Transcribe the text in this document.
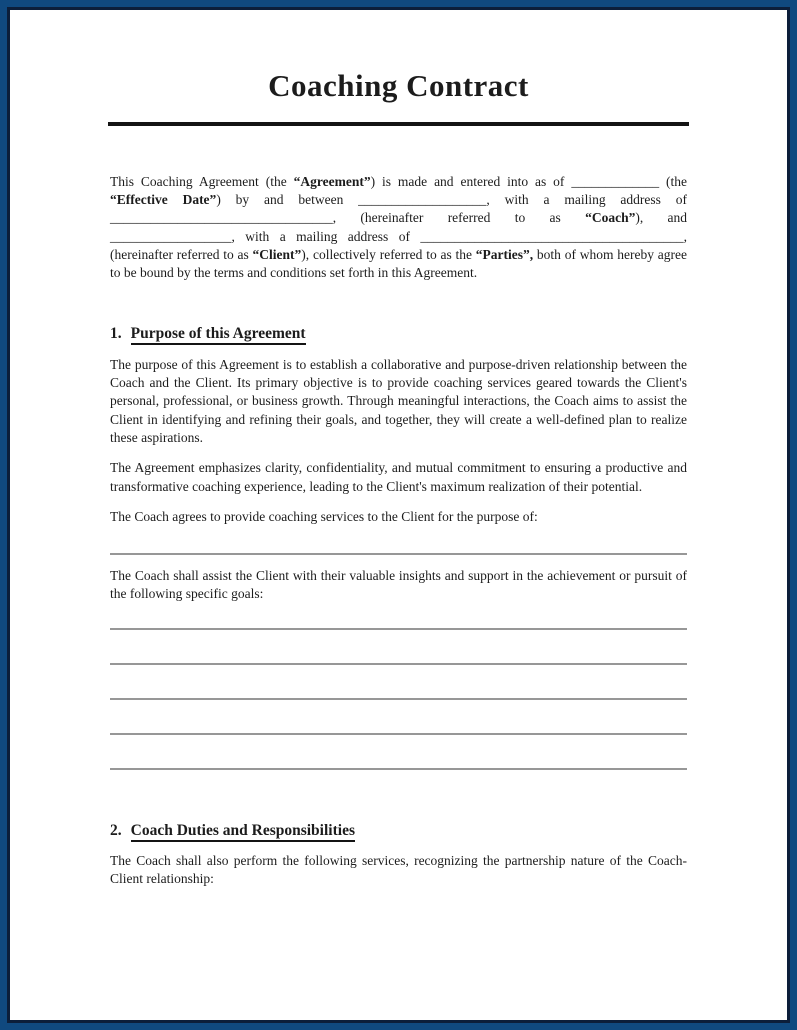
Coaching Contract

This Coaching Agreement (the “Agreement”) is made and entered into as of _____________ (the “Effective Date”) by and between ___________________, with a mailing address of _________________________________, (hereinafter referred to as “Coach”), and __________________, with a mailing address of _______________________________________, (hereinafter referred to as “Client”), collectively referred to as the “Parties”, both of whom hereby agree to be bound by the terms and conditions set forth in this Agreement.

1. Purpose of this Agreement

The purpose of this Agreement is to establish a collaborative and purpose-driven relationship between the Coach and the Client. Its primary objective is to provide coaching services geared towards the Client's personal, professional, or business growth. Through meaningful interactions, the Coach aims to assist the Client in identifying and refining their goals, and together, they will create a well-defined plan to realize these aspirations.

The Agreement emphasizes clarity, confidentiality, and mutual commitment to ensuring a productive and transformative coaching experience, leading to the Client's maximum realization of their potential.

The Coach agrees to provide coaching services to the Client for the purpose of:

The Coach shall assist the Client with their valuable insights and support in the achievement or pursuit of the following specific goals:

2. Coach Duties and Responsibilities

The Coach shall also perform the following services, recognizing the partnership nature of the Coach-Client relationship:
